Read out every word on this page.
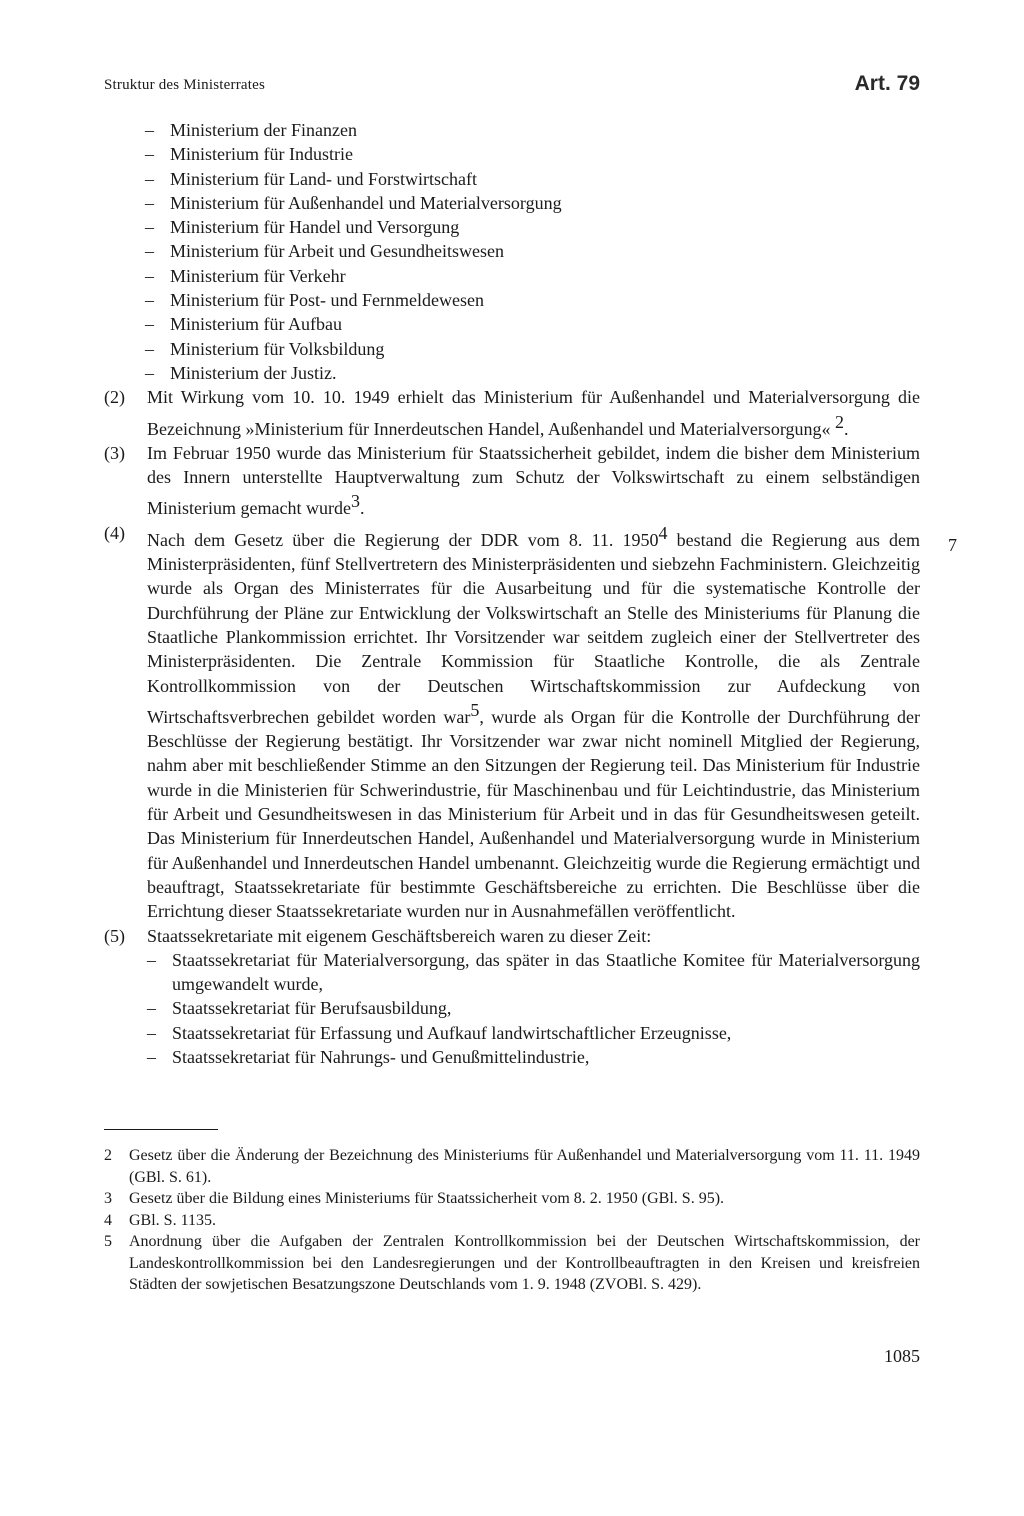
Struktur des Ministerrates	Art. 79
– Ministerium der Finanzen
– Ministerium für Industrie
– Ministerium für Land- und Forstwirtschaft
– Ministerium für Außenhandel und Materialversorgung
– Ministerium für Handel und Versorgung
– Ministerium für Arbeit und Gesundheitswesen
– Ministerium für Verkehr
– Ministerium für Post- und Fernmeldewesen
– Ministerium für Aufbau
– Ministerium für Volksbildung
– Ministerium der Justiz.
(2)	Mit Wirkung vom 10. 10. 1949 erhielt das Ministerium für Außenhandel und Materialversorgung die Bezeichnung »Ministerium für Innerdeutschen Handel, Außenhandel und Materialversorgung« $^2$.
(3)	Im Februar 1950 wurde das Ministerium für Staatssicherheit gebildet, indem die bisher dem Ministerium des Innern unterstellte Hauptverwaltung zum Schutz der Volkswirtschaft zu einem selbständigen Ministerium gemacht wurde$^3$.
(4)	Nach dem Gesetz über die Regierung der DDR vom 8. 11. 1950$^4$ bestand die Regierung aus dem Ministerpräsidenten, fünf Stellvertretern des Ministerpräsidenten und siebzehn Fachministern. Gleichzeitig wurde als Organ des Ministerrates für die Ausarbeitung und für die systematische Kontrolle der Durchführung der Pläne zur Entwicklung der Volkswirtschaft an Stelle des Ministeriums für Planung die Staatliche Plankommission errichtet. Ihr Vorsitzender war seitdem zugleich einer der Stellvertreter des Ministerpräsidenten. Die Zentrale Kommission für Staatliche Kontrolle, die als Zentrale Kontrollkommission von der Deutschen Wirtschaftskommission zur Aufdeckung von Wirtschaftsverbrechen gebildet worden war$^5$, wurde als Organ für die Kontrolle der Durchführung der Beschlüsse der Regierung bestätigt. Ihr Vorsitzender war zwar nicht nominell Mitglied der Regierung, nahm aber mit beschließender Stimme an den Sitzungen der Regierung teil. Das Ministerium für Industrie wurde in die Ministerien für Schwerindustrie, für Maschinenbau und für Leichtindustrie, das Ministerium für Arbeit und Gesundheitswesen in das Ministerium für Arbeit und in das für Gesundheitswesen geteilt. Das Ministerium für Innerdeutschen Handel, Außenhandel und Materialversorgung wurde in Ministerium für Außenhandel und Innerdeutschen Handel umbenannt. Gleichzeitig wurde die Regierung ermächtigt und beauftragt, Staatssekretariate für bestimmte Geschäftsbereiche zu errichten. Die Beschlüsse über die Errichtung dieser Staatssekretariate wurden nur in Ausnahmefällen veröffentlicht.
(5)	Staatssekretariate mit eigenem Geschäftsbereich waren zu dieser Zeit:
– Staatssekretariat für Materialversorgung, das später in das Staatliche Komitee für Materialversorgung umgewandelt wurde,
– Staatssekretariat für Berufsausbildung,
– Staatssekretariat für Erfassung und Aufkauf landwirtschaftlicher Erzeugnisse,
– Staatssekretariat für Nahrungs- und Genußmittelindustrie,
7
2	Gesetz über die Änderung der Bezeichnung des Ministeriums für Außenhandel und Materialversorgung vom 11. 11. 1949 (GBl. S. 61).
3	Gesetz über die Bildung eines Ministeriums für Staatssicherheit vom 8. 2. 1950 (GBl. S. 95).
4	GBl. S. 1135.
5	Anordnung über die Aufgaben der Zentralen Kontrollkommission bei der Deutschen Wirtschaftskommission, der Landeskontrollkommission bei den Landesregierungen und der Kontrollbeauftragten in den Kreisen und kreisfreien Städten der sowjetischen Besatzungszone Deutschlands vom 1. 9. 1948 (ZVOBl. S. 429).
1085
